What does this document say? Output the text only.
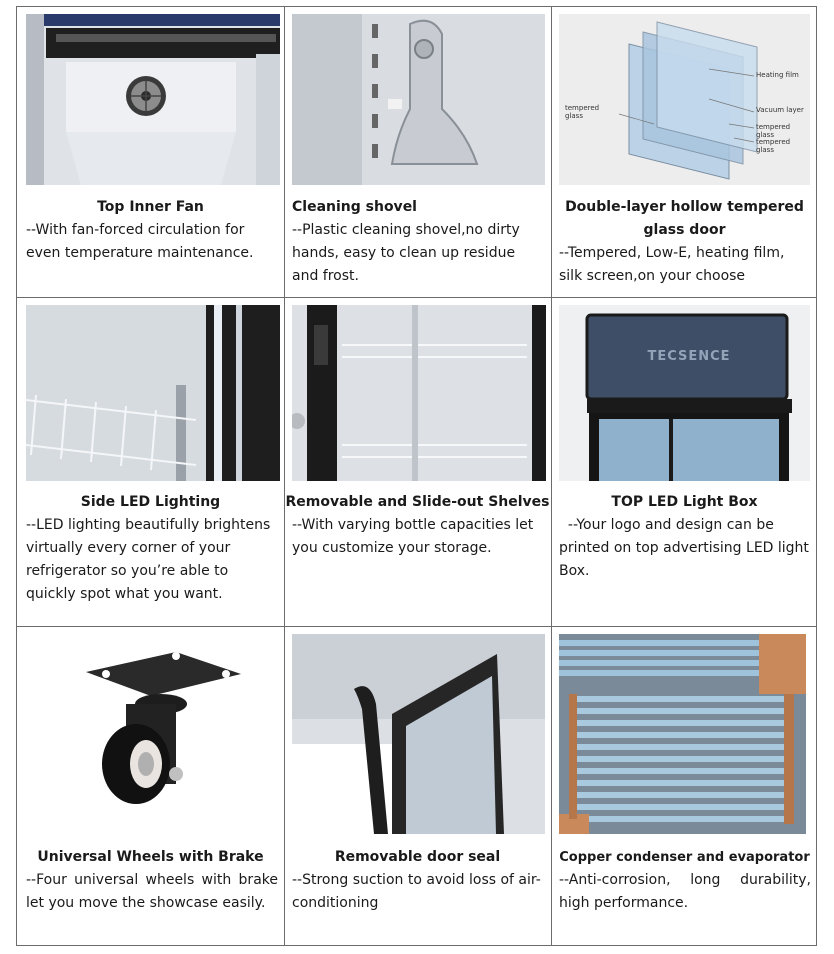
Top Inner Fan
--With fan-forced circulation for even temperature maintenance.
Cleaning shovel
--Plastic cleaning shovel,no dirty hands, easy to clean up residue and frost.
Heating film
Vacuum layer
tempered glass
tempered glass
tempered glass
Double-layer hollow tempered glass door
--Tempered, Low-E, heating film, silk screen,on your choose
Side LED Lighting
--LED lighting beautifully brightens virtually every corner of your refrigerator so you’re able to quickly spot what you want.
Removable and Slide-out Shelves
--With varying bottle capacities let you customize your storage.
TECSENCE
TOP LED Light Box
--Your logo and design can be printed on top advertising LED light Box.
Universal Wheels with Brake
--Four universal wheels with brake let you move the showcase easily.
Removable door seal
--Strong suction to avoid loss of air-conditioning
Copper condenser and evaporator
--Anti-corrosion, long durability, high performance.
